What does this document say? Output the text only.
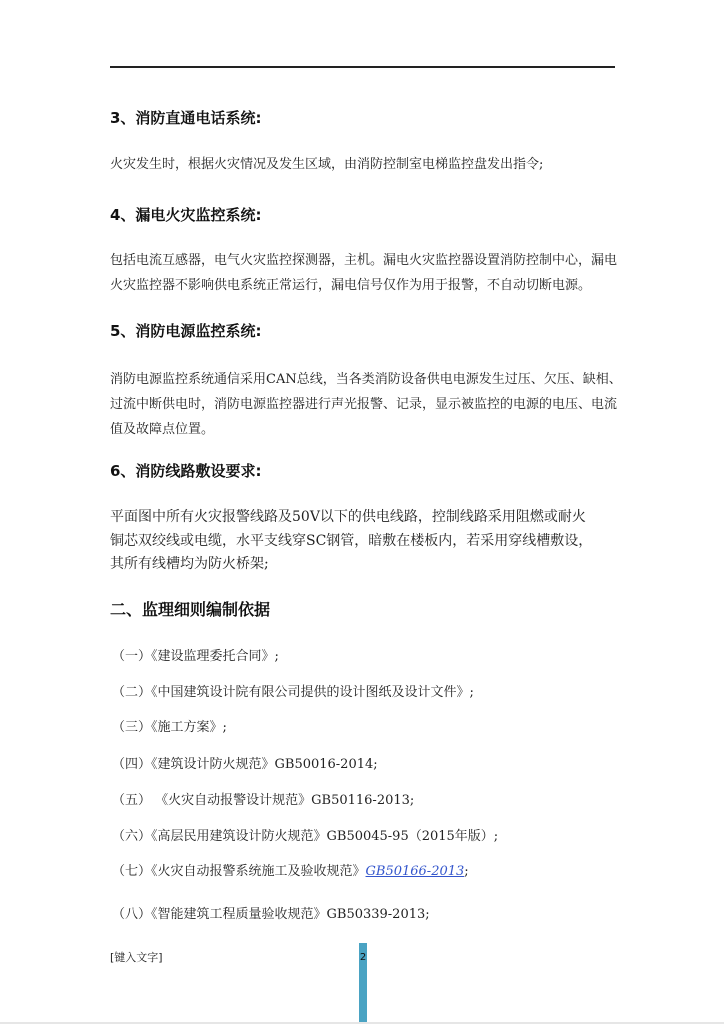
3、消防直通电话系统:
火灾发生时，根据火灾情况及发生区域，由消防控制室电梯监控盘发出指令;
4、漏电火灾监控系统:
包括电流互感器，电气火灾监控探测器，主机。漏电火灾监控器设置消防控制中心，漏电
火灾监控器不影响供电系统正常运行，漏电信号仅作为用于报警，不自动切断电源。
5、消防电源监控系统:
消防电源监控系统通信采用CAN总线，当各类消防设备供电电源发生过压、欠压、缺相、
过流中断供电时，消防电源监控器进行声光报警、记录，显示被监控的电源的电压、电流
值及故障点位置。
6、消防线路敷设要求:
平面图中所有火灾报警线路及50V以下的供电线路，控制线路采用阻燃或耐火
铜芯双绞线或电缆，水平支线穿SC钢管，暗敷在楼板内，若采用穿线槽敷设，
其所有线槽均为防火桥架;
二、监理细则编制依据
（一）《建设监理委托合同》;
（二）《中国建筑设计院有限公司提供的设计图纸及设计文件》;
（三）《施工方案》;
（四）《建筑设计防火规范》GB50016-2014;
（五） 《火灾自动报警设计规范》GB50116-2013;
（六）《高层民用建筑设计防火规范》GB50045-95（2015年版）;
（七）《火灾自动报警系统施工及验收规范》GB50166-2013;
（八）《智能建筑工程质量验收规范》GB50339-2013;
[键入文字]	2
